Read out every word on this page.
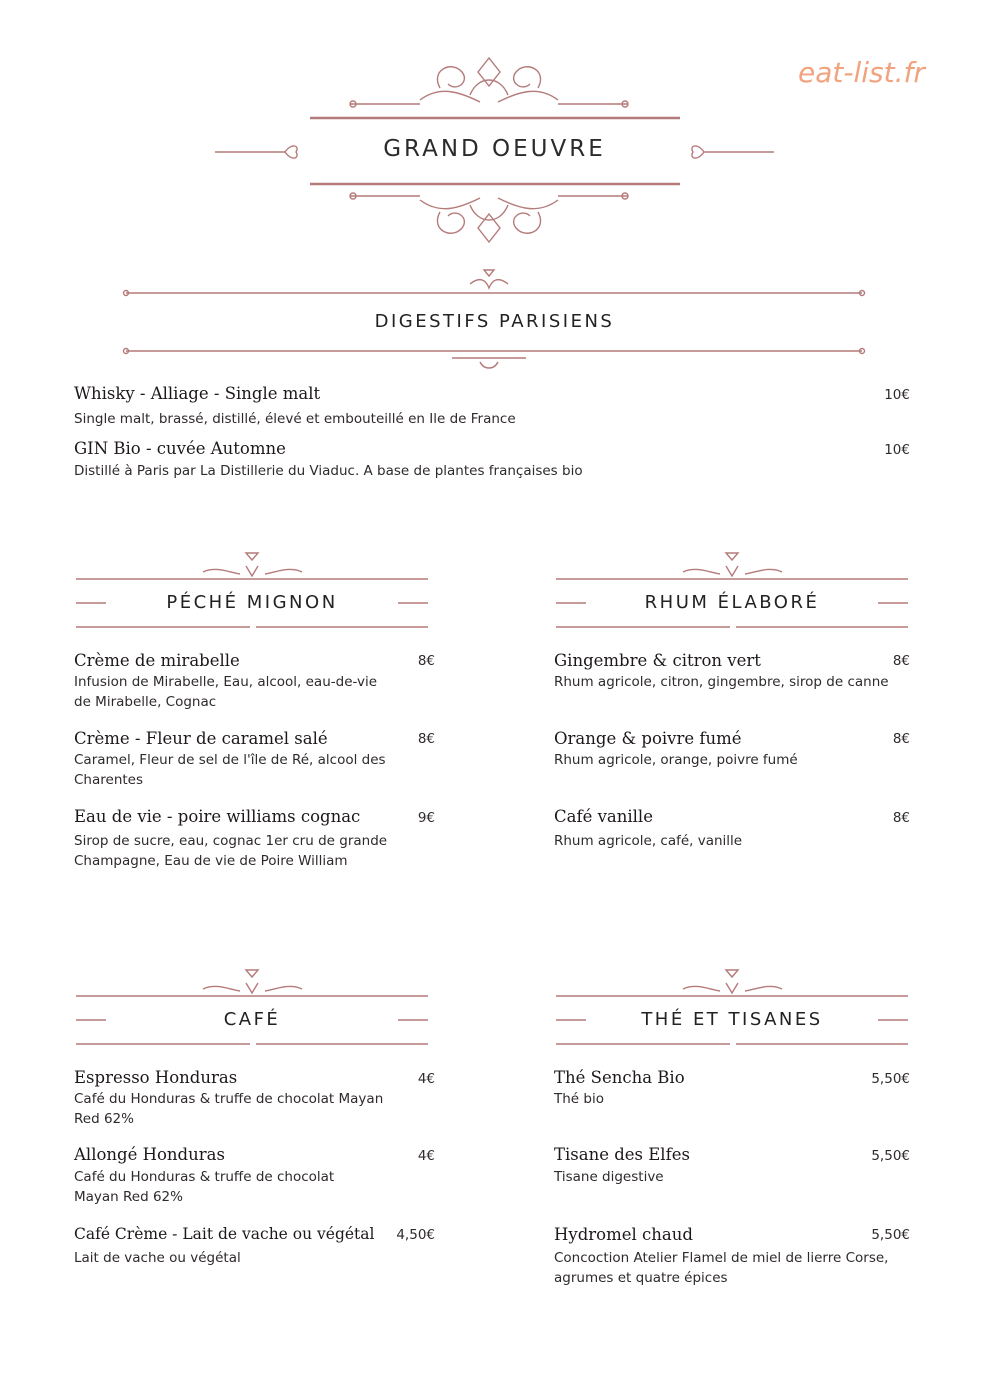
eat-list.fr
GRAND OEUVRE
DIGESTIFS PARISIENS
Whisky - Alliage - Single malt	10€
Single malt, brassé, distillé, élevé et embouteillé en Ile de France
GIN Bio - cuvée Automne	10€
Distillé à Paris par La Distillerie du Viaduc. A base de plantes françaises bio
PÉCHÉ MIGNON
Crème de mirabelle	8€
Infusion de Mirabelle, Eau, alcool, eau-de-vie de Mirabelle, Cognac
Crème - Fleur de caramel salé	8€
Caramel, Fleur de sel de l'île de Ré, alcool des Charentes
Eau de vie - poire williams cognac	9€
Sirop de sucre, eau, cognac 1er cru de grande Champagne, Eau de vie de Poire William
RHUM ÉLABORÉ
Gingembre & citron vert	8€
Rhum agricole, citron, gingembre, sirop de canne
Orange & poivre fumé	8€
Rhum agricole, orange, poivre fumé
Café vanille	8€
Rhum agricole, café, vanille
CAFÉ
Espresso Honduras	4€
Café du Honduras & truffe de chocolat Mayan Red 62%
Allongé Honduras	4€
Café du Honduras & truffe de chocolat Mayan Red 62%
Café Crème - Lait de vache ou végétal	4,50€
Lait de vache ou végétal
THÉ ET TISANES
Thé Sencha Bio	5,50€
Thé bio
Tisane des Elfes	5,50€
Tisane digestive
Hydromel chaud	5,50€
Concoction Atelier Flamel de miel de lierre Corse, agrumes et quatre épices
